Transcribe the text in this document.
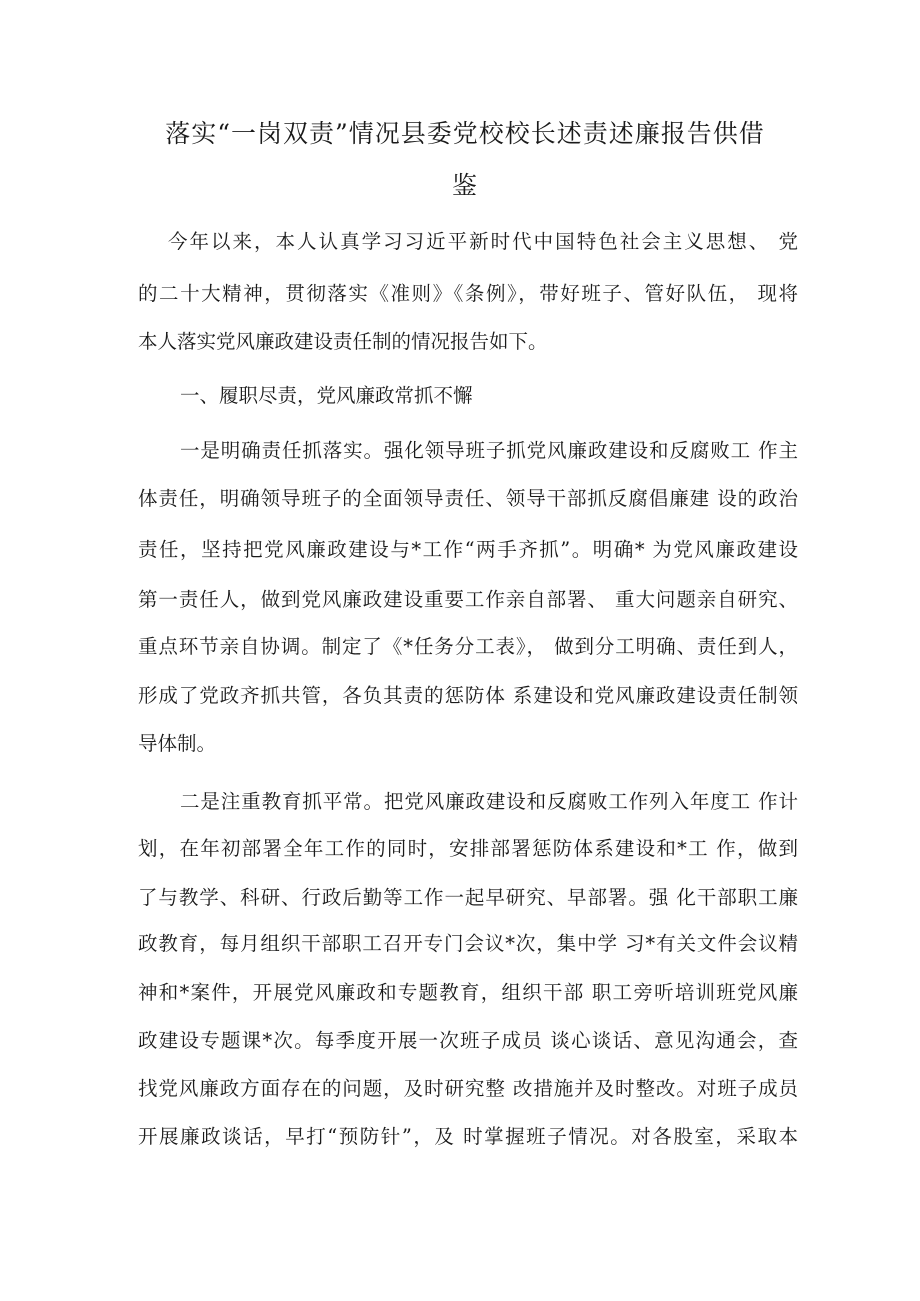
落实“一岗双责”情况县委党校校长述责述廉报告供借
鉴

今年以来，本人认真学习习近平新时代中国特色社会主义思想、 党

的二十大精神，贯彻落实《准则》《条例》，带好班子、管好队伍， 现将

本人落实党风廉政建设责任制的情况报告如下。

一、履职尽责，党风廉政常抓不懈

一是明确责任抓落实。强化领导班子抓党风廉政建设和反腐败工 作主

体责任，明确领导班子的全面领导责任、领导干部抓反腐倡廉建 设的政治

责任，坚持把党风廉政建设与*工作“两手齐抓”。明确* 为党风廉政建设

第一责任人，做到党风廉政建设重要工作亲自部署、 重大问题亲自研究、

重点环节亲自协调。制定了《*任务分工表》， 做到分工明确、责任到人，

形成了党政齐抓共管，各负其责的惩防体 系建设和党风廉政建设责任制领

导体制。

二是注重教育抓平常。把党风廉政建设和反腐败工作列入年度工 作计

划，在年初部署全年工作的同时，安排部署惩防体系建设和*工 作，做到

了与教学、科研、行政后勤等工作一起早研究、早部署。强 化干部职工廉

政教育，每月组织干部职工召开专门会议*次，集中学 习*有关文件会议精

神和*案件，开展党风廉政和专题教育，组织干部 职工旁听培训班党风廉

政建设专题课*次。每季度开展一次班子成员 谈心谈话、意见沟通会，查

找党风廉政方面存在的问题，及时研究整 改措施并及时整改。对班子成员

开展廉政谈话，早打“预防针”，及 时掌握班子情况。对各股室，采取本
